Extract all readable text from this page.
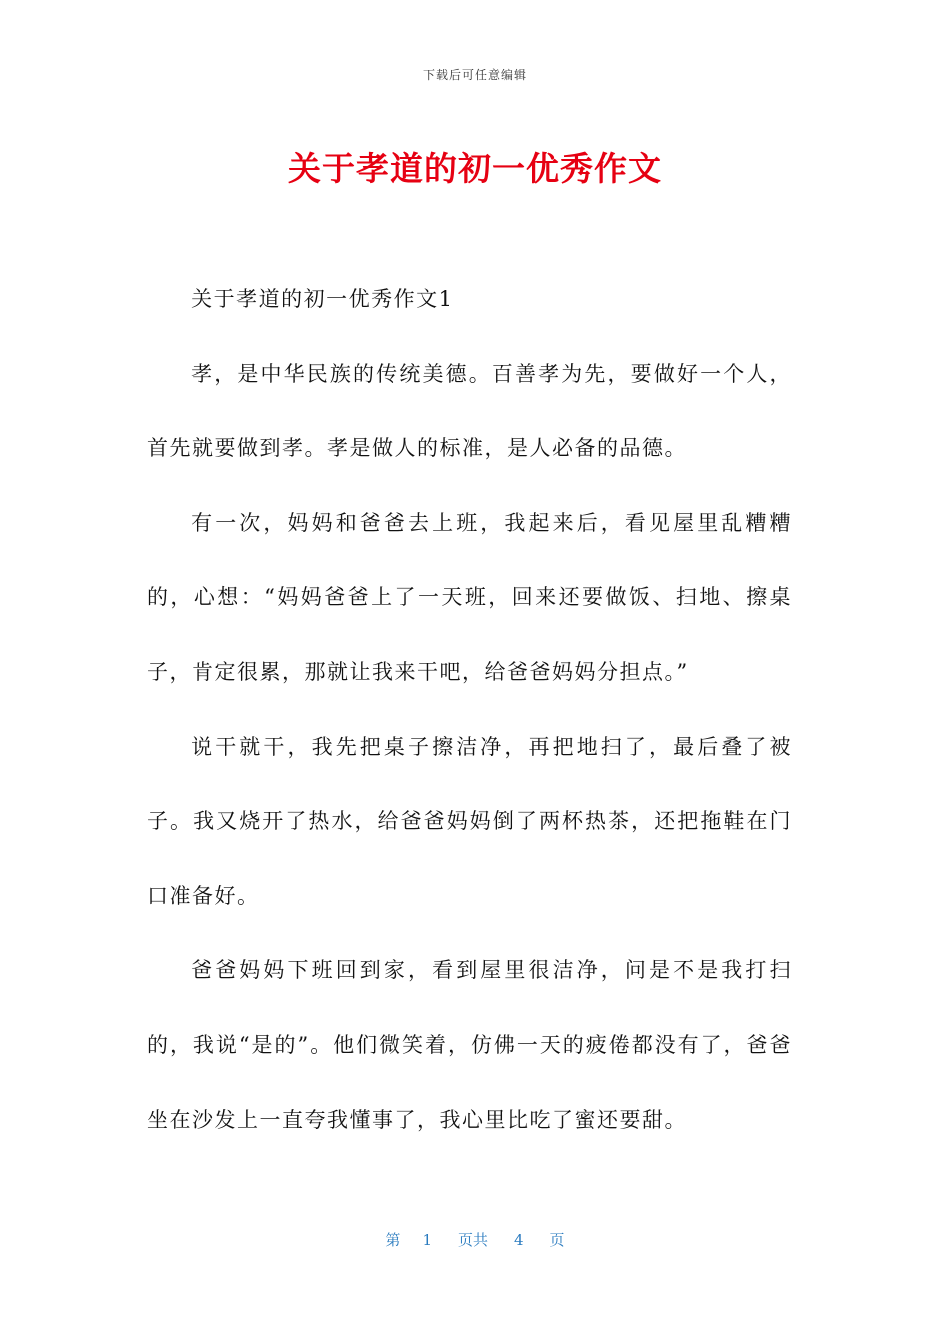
下载后可任意编辑
关于孝道的初一优秀作文

关于孝道的初一优秀作文1

孝，是中华民族的传统美德。百善孝为先，要做好一个人，首先就要做到孝。孝是做人的标准，是人必备的品德。

有一次，妈妈和爸爸去上班，我起来后，看见屋里乱糟糟的，心想：“妈妈爸爸上了一天班，回来还要做饭、扫地、擦桌子，肯定很累，那就让我来干吧，给爸爸妈妈分担点。”

说干就干，我先把桌子擦洁净，再把地扫了，最后叠了被子。我又烧开了热水，给爸爸妈妈倒了两杯热茶，还把拖鞋在门口准备好。

爸爸妈妈下班回到家，看到屋里很洁净，问是不是我打扫的，我说“是的”。他们微笑着，仿佛一天的疲倦都没有了，爸爸坐在沙发上一直夸我懂事了，我心里比吃了蜜还要甜。

第 1 页共 4 页
